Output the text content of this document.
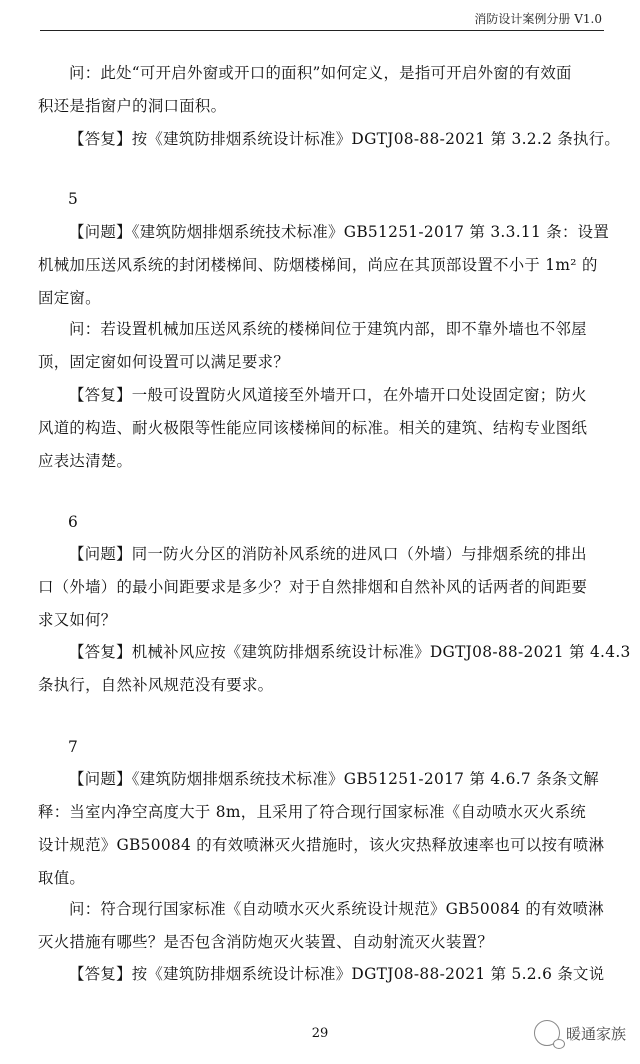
消防设计案例分册 V1.0

问：此处“可开启外窗或开口的面积”如何定义，是指可开启外窗的有效面
积还是指窗户的洞口面积。

【答复】按《建筑防排烟系统设计标准》DGTJ08-88-2021 第 3.2.2 条执行。

5

【问题】《建筑防烟排烟系统技术标准》GB51251-2017 第 3.3.11 条：设置
机械加压送风系统的封闭楼梯间、防烟楼梯间，尚应在其顶部设置不小于 1m² 的
固定窗。

问：若设置机械加压送风系统的楼梯间位于建筑内部，即不靠外墙也不邻屋
顶，固定窗如何设置可以满足要求？

【答复】一般可设置防火风道接至外墙开口，在外墙开口处设固定窗；防火
风道的构造、耐火极限等性能应同该楼梯间的标准。相关的建筑、结构专业图纸
应表达清楚。

6

【问题】同一防火分区的消防补风系统的进风口（外墙）与排烟系统的排出
口（外墙）的最小间距要求是多少？对于自然排烟和自然补风的话两者的间距要
求又如何？

【答复】机械补风应按《建筑防排烟系统设计标准》DGTJ08-88-2021 第 4.4.3
条执行，自然补风规范没有要求。

7

【问题】《建筑防烟排烟系统技术标准》GB51251-2017 第 4.6.7 条条文解
释：当室内净空高度大于 8m，且采用了符合现行国家标准《自动喷水灭火系统
设计规范》GB50084 的有效喷淋灭火措施时，该火灾热释放速率也可以按有喷淋
取值。

问：符合现行国家标准《自动喷水灭火系统设计规范》GB50084 的有效喷淋
灭火措施有哪些？是否包含消防炮灭火装置、自动射流灭火装置？

【答复】按《建筑防排烟系统设计标准》DGTJ08-88-2021 第 5.2.6 条文说

29	暖通家族
